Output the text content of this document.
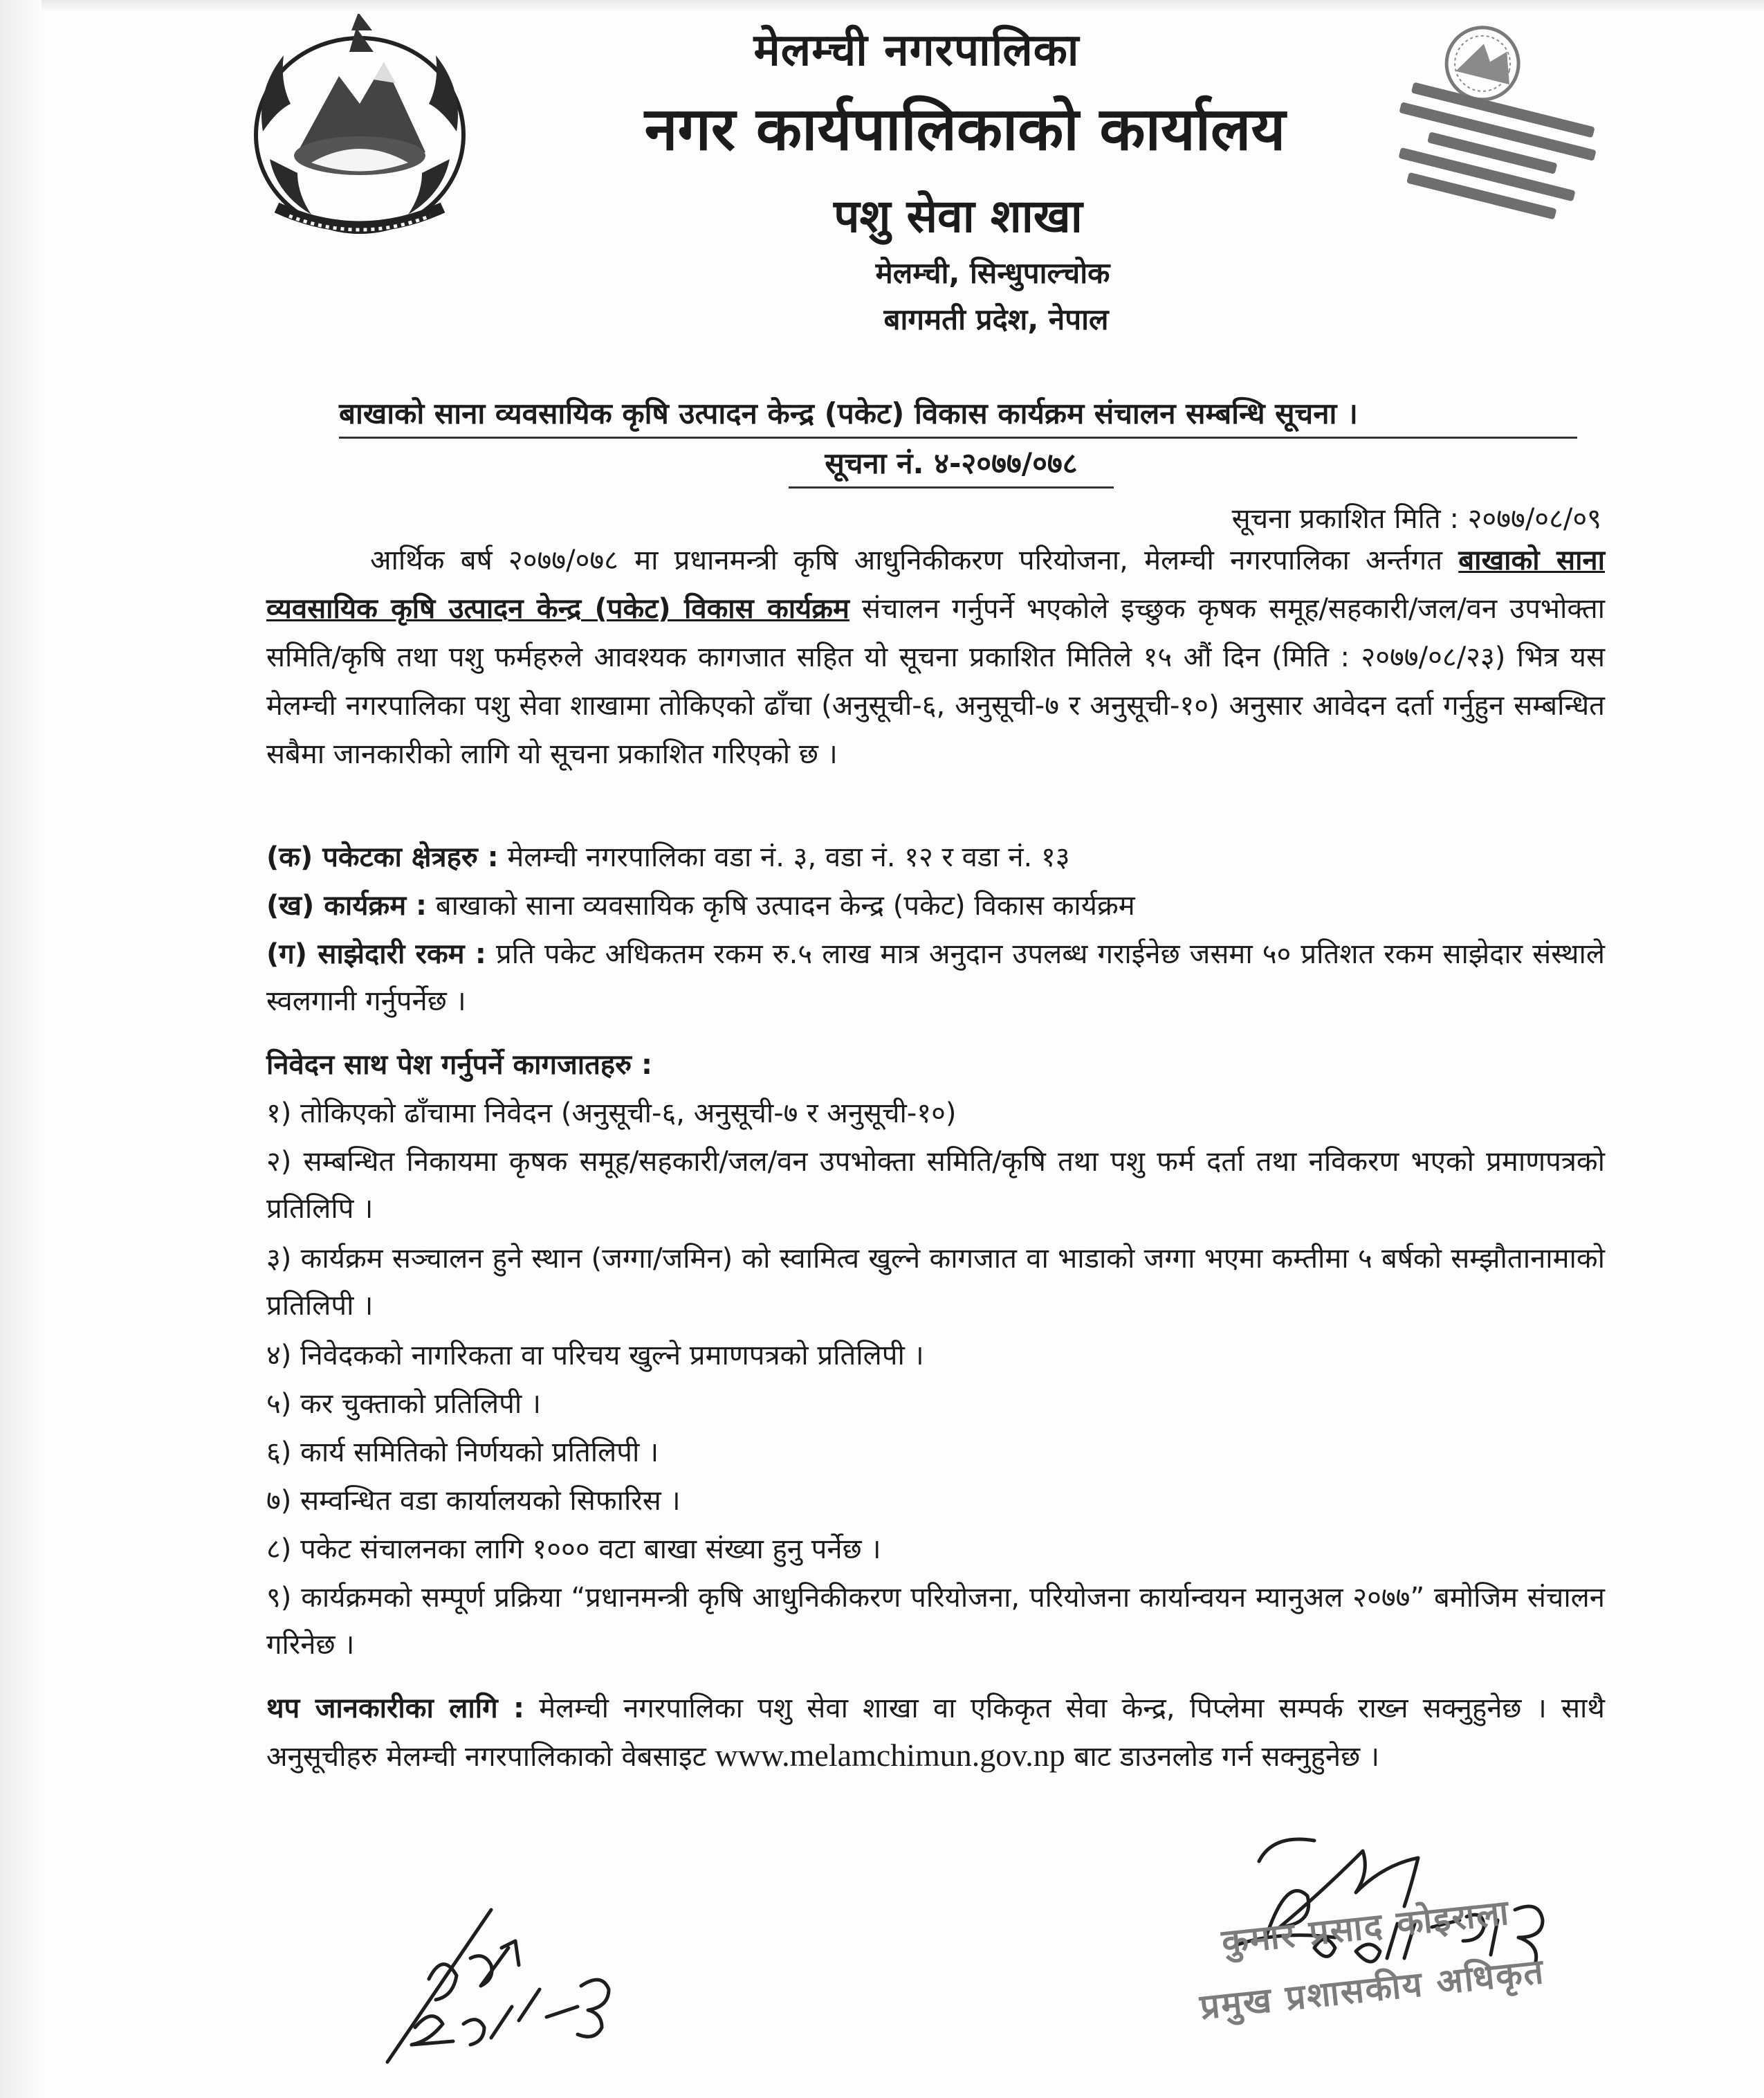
मेलम्ची नगरपालिका
नगर कार्यपालिकाको कार्यालय
पशु सेवा शाखा
मेलम्ची, सिन्धुपाल्चोक
बागमती प्रदेश, नेपाल
बाखाको साना व्यवसायिक कृषि उत्पादन केन्द्र (पकेट) विकास कार्यक्रम संचालन सम्बन्धि सूचना ।
सूचना नं. ४-२०७७/०७८
सूचना प्रकाशित मिति : २०७७/०८/०९
आर्थिक बर्ष २०७७/०७८ मा प्रधानमन्त्री कृषि आधुनिकीकरण परियोजना, मेलम्ची नगरपालिका अर्न्तगत बाखाको साना व्यवसायिक कृषि उत्पादन केन्द्र (पकेट) विकास कार्यक्रम संचालन गर्नुपर्ने भएकोले इच्छुक कृषक समूह/सहकारी/जल/वन उपभोक्ता समिति/कृषि तथा पशु फर्महरुले आवश्यक कागजात सहित यो सूचना प्रकाशित मितिले १५ औं दिन (मिति : २०७७/०८/२३) भित्र यस मेलम्ची नगरपालिका पशु सेवा शाखामा तोकिएको ढाँचा (अनुसूची-६, अनुसूची-७ र अनुसूची-१०) अनुसार आवेदन दर्ता गर्नुहुन सम्बन्धित सबैमा जानकारीको लागि यो सूचना प्रकाशित गरिएको छ ।
(क) पकेटका क्षेत्रहरु : मेलम्ची नगरपालिका वडा नं. ३, वडा नं. १२ र वडा नं. १३
(ख) कार्यक्रम : बाखाको साना व्यवसायिक कृषि उत्पादन केन्द्र (पकेट) विकास कार्यक्रम
(ग) साझेदारी रकम : प्रति पकेट अधिकतम रकम रु.५ लाख मात्र अनुदान उपलब्ध गराईनेछ जसमा ५० प्रतिशत रकम साझेदार संस्थाले स्वलगानी गर्नुपर्नेछ ।
निवेदन साथ पेश गर्नुपर्ने कागजातहरु :
१) तोकिएको ढाँचामा निवेदन (अनुसूची-६, अनुसूची-७ र अनुसूची-१०)
२) सम्बन्धित निकायमा कृषक समूह/सहकारी/जल/वन उपभोक्ता समिति/कृषि तथा पशु फर्म दर्ता तथा नविकरण भएको प्रमाणपत्रको प्रतिलिपि ।
३) कार्यक्रम सञ्चालन हुने स्थान (जग्गा/जमिन) को स्वामित्व खुल्ने कागजात वा भाडाको जग्गा भएमा कम्तीमा ५ बर्षको सम्झौतानामाको प्रतिलिपी ।
४) निवेदकको नागरिकता वा परिचय खुल्ने प्रमाणपत्रको प्रतिलिपी ।
५) कर चुक्ताको प्रतिलिपी ।
६) कार्य समितिको निर्णयको प्रतिलिपी ।
७) सम्वन्धित वडा कार्यालयको सिफारिस ।
८) पकेट संचालनका लागि १००० वटा बाखा संख्या हुनु पर्नेछ ।
९) कार्यक्रमको सम्पूर्ण प्रक्रिया “प्रधानमन्त्री कृषि आधुनिकीकरण परियोजना, परियोजना कार्यान्वयन म्यानुअल २०७७” बमोजिम संचालन गरिनेछ ।
थप जानकारीका लागि : मेलम्ची नगरपालिका पशु सेवा शाखा वा एकिकृत सेवा केन्द्र, पिप्लेमा सम्पर्क राख्न सक्नुहुनेछ । साथै अनुसूचीहरु मेलम्ची नगरपालिकाको वेबसाइट www.melamchimun.gov.np बाट डाउनलोड गर्न सक्नुहुनेछ ।
कुमार प्रसाद कोइराला
प्रमुख प्रशासकीय अधिकृत
